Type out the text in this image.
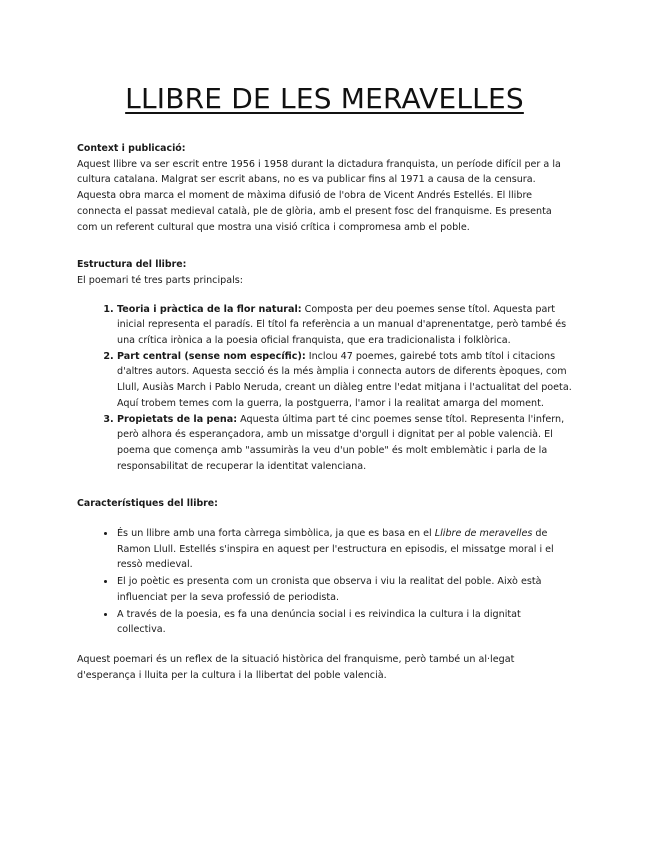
LLIBRE DE LES MERAVELLES
Context i publicació:

Aquest llibre va ser escrit entre 1956 i 1958 durant la dictadura franquista, un període difícil per a la cultura catalana. Malgrat ser escrit abans, no es va publicar fins al 1971 a causa de la censura. Aquesta obra marca el moment de màxima difusió de l'obra de Vicent Andrés Estellés. El llibre connecta el passat medieval català, ple de glòria, amb el present fosc del franquisme. Es presenta com un referent cultural que mostra una visió crítica i compromesa amb el poble.

Estructura del llibre:

El poemari té tres parts principals:

1. Teoria i pràctica de la flor natural: Composta per deu poemes sense títol. Aquesta part inicial representa el paradís. El títol fa referència a un manual d'aprenentatge, però també és una crítica irònica a la poesia oficial franquista, que era tradicionalista i folklòrica.
2. Part central (sense nom específic): Inclou 47 poemes, gairebé tots amb títol i citacions d'altres autors. Aquesta secció és la més àmplia i connecta autors de diferents èpoques, com Llull, Ausiàs March i Pablo Neruda, creant un diàleg entre l'edat mitjana i l'actualitat del poeta. Aquí trobem temes com la guerra, la postguerra, l'amor i la realitat amarga del moment.
3. Propietats de la pena: Aquesta última part té cinc poemes sense títol. Representa l'infern, però alhora és esperançadora, amb un missatge d'orgull i dignitat per al poble valencià. El poema que comença amb "assumiràs la veu d'un poble" és molt emblemàtic i parla de la responsabilitat de recuperar la identitat valenciana.
Característiques del llibre:
• És un llibre amb una forta càrrega simbòlica, ja que es basa en el Llibre de meravelles de Ramon Llull. Estellés s'inspira en aquest per l'estructura en episodis, el missatge moral i el ressò medieval.
• El jo poètic es presenta com un cronista que observa i viu la realitat del poble. Això està influenciat per la seva professió de periodista.
• A través de la poesia, es fa una denúncia social i es reivindica la cultura i la dignitat collectiva.

Aquest poemari és un reflex de la situació històrica del franquisme, però també un al·legat d'esperança i lluita per la cultura i la llibertat del poble valencià.
